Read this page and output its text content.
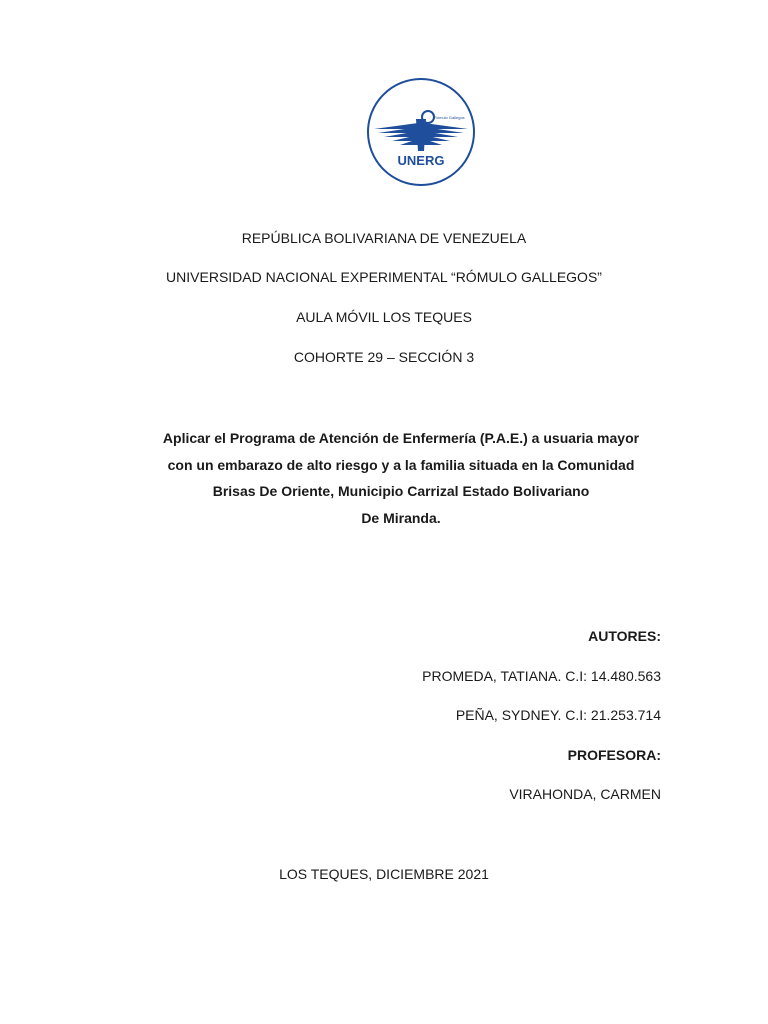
Rómulo Gallegos
UNERG
REPÚBLICA BOLIVARIANA DE VENEZUELA
UNIVERSIDAD NACIONAL EXPERIMENTAL “RÓMULO GALLEGOS”
AULA MÓVIL LOS TEQUES
COHORTE 29 – SECCIÓN 3
Aplicar el Programa de Atención de Enfermería (P.A.E.) a usuaria mayor
con un embarazo de alto riesgo y a la familia situada en la Comunidad
Brisas De Oriente, Municipio Carrizal Estado Bolivariano
De Miranda.
AUTORES:
PROMEDA, TATIANA. C.I: 14.480.563
PEÑA, SYDNEY. C.I: 21.253.714
PROFESORA:
VIRAHONDA, CARMEN
LOS TEQUES, DICIEMBRE 2021
